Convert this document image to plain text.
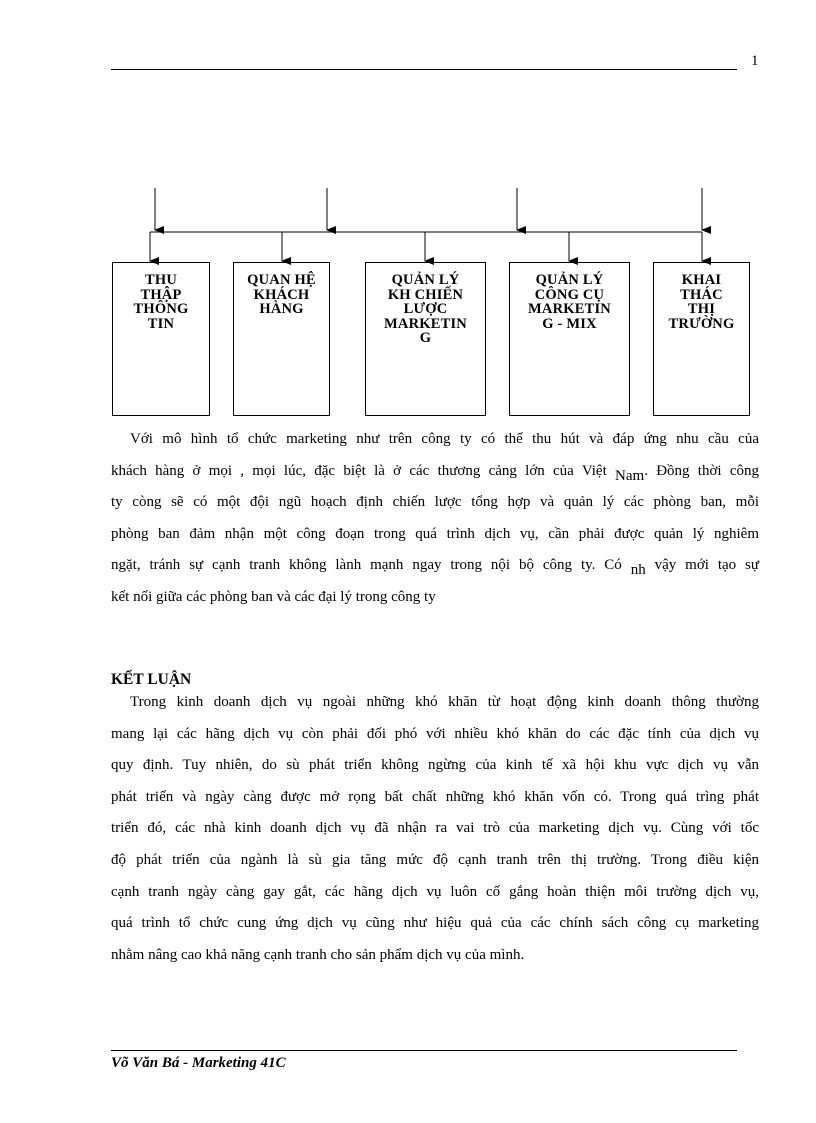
1
THU
THẬP
THÔNG
TIN
QUAN HỆ
KHÁCH
HÀNG
QUẢN LÝ
KH CHIẾN
LƯỢC
MARKETIN
G
QUẢN LÝ
CÔNG CỤ
MARKETIN
G - MIX
KHAI
THÁC
THỊ
TRƯỜNG
Với mô hình tổ chức marketing như trên công ty có thể thu hút và đáp ứng nhu cầu của
khách hàng ở mọi , mọi lúc, đặc biệt là ở các thương cảng lớn của Việt Nam. Đồng thời công
ty còng sẽ có một đội ngũ hoạch định chiến lược tổng hợp và quản lý các phòng ban, mỗi
phòng ban đảm nhận một công đoạn trong quá trình dịch vụ, cần phải được quản lý nghiêm
ngặt, tránh sự cạnh tranh không lành mạnh ngay trong nội bộ công ty. Có nh vậy mới tạo sự
kết nối giữa các phòng ban và các đại lý trong công ty
KẾT LUẬN
Trong kinh doanh dịch vụ ngoài những khó khăn từ hoạt động kinh doanh thông thường
mang lại các hãng dịch vụ còn phải đối phó với nhiều khó khăn do các đặc tính của dịch vụ
quy định. Tuy nhiên, do sù phát triển không ngừng của kinh tế xã hội khu vực dịch vụ vẫn
phát triển và ngày càng được mở rọng bất chất những khó khăn vốn có. Trong quá trìng phát
triển đó, các nhà kinh doanh dịch vụ đã nhận ra vai trò của marketing dịch vụ. Cùng với tốc
độ phát triển của ngành là sù gia tăng mức độ cạnh tranh trên thị trường. Trong điều kiện
cạnh tranh ngày càng gay gắt, các hãng dịch vụ luôn cố gắng hoàn thiện môi trường dịch vụ,
quá trình tổ chức cung ứng dịch vụ cũng như hiệu quả của các chính sách công cụ marketing
nhằm nâng cao khả năng cạnh tranh cho sản phẩm dịch vụ của mình.
Võ Văn Bá - Marketing 41C
